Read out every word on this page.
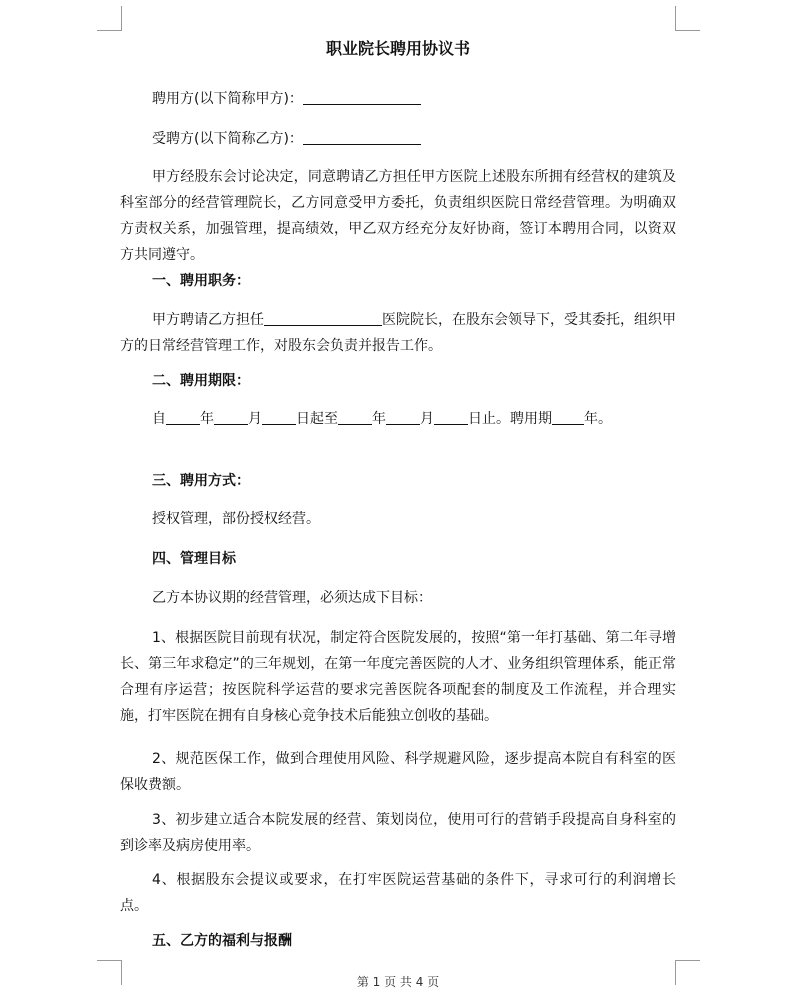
职业院长聘用协议书
聘用方(以下简称甲方)：
受聘方(以下简称乙方)：
甲方经股东会讨论决定，同意聘请乙方担任甲方医院上述股东所拥有经营权的建筑及科室部分的经营管理院长，乙方同意受甲方委托，负责组织医院日常经营管理。为明确双方责权关系，加强管理，提高绩效，甲乙双方经充分友好协商，签订本聘用合同，以资双方共同遵守。
一、聘用职务：
甲方聘请乙方担任	医院院长，在股东会领导下，受其委托，组织甲方的日常经营管理工作，对股东会负责并报告工作。
二、聘用期限：
自 年 月 日起至 年 月 日止。聘用期 年。
三、聘用方式：
授权管理，部份授权经营。
四、管理目标
乙方本协议期的经营管理，必须达成下目标：
1、根据医院目前现有状况，制定符合医院发展的，按照“第一年打基础、第二年寻增长、第三年求稳定”的三年规划，在第一年度完善医院的人才、业务组织管理体系，能正常合理有序运营；按医院科学运营的要求完善医院各项配套的制度及工作流程，并合理实施，打牢医院在拥有自身核心竞争技术后能独立创收的基础。
2、规范医保工作，做到合理使用风险、科学规避风险，逐步提高本院自有科室的医保收费额。
3、初步建立适合本院发展的经营、策划岗位，使用可行的营销手段提高自身科室的到诊率及病房使用率。
4、根据股东会提议或要求，在打牢医院运营基础的条件下，寻求可行的利润增长点。
五、乙方的福利与报酬
第 1 页 共 4 页
